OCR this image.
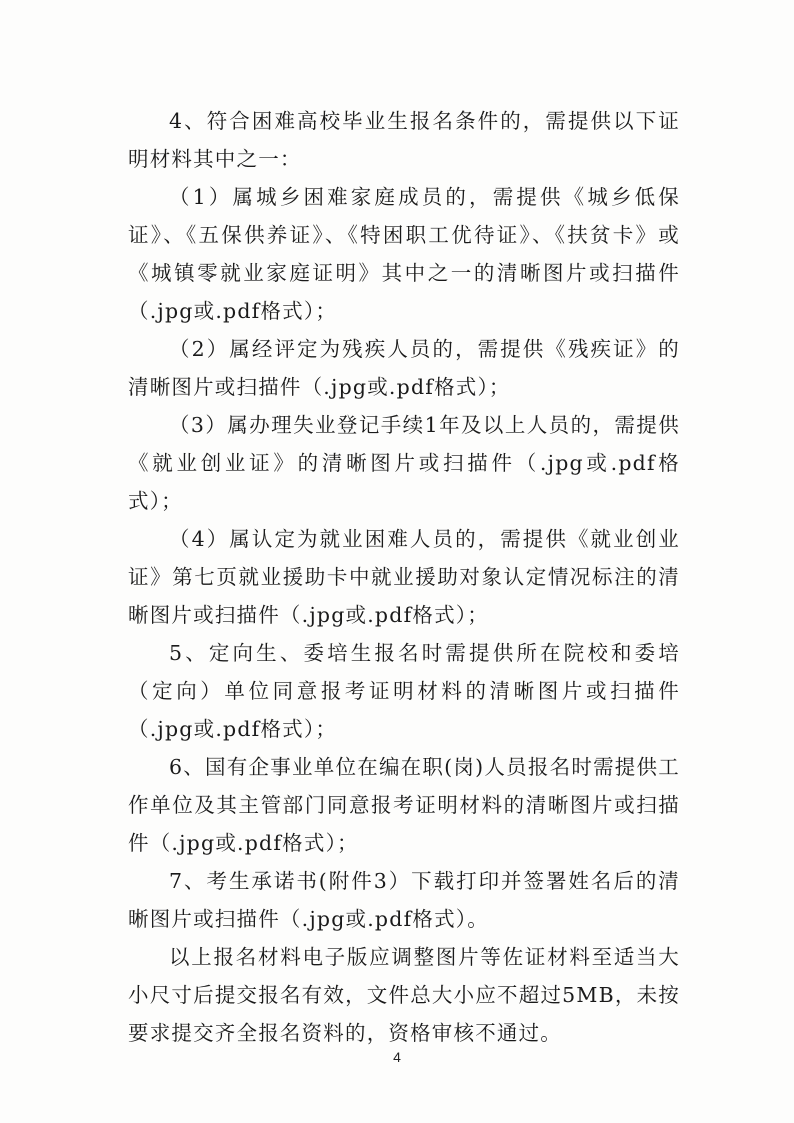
4、符合困难高校毕业生报名条件的，需提供以下证明材料其中之一：

（1）属城乡困难家庭成员的，需提供《城乡低保证》、《五保供养证》、《特困职工优待证》、《扶贫卡》或《城镇零就业家庭证明》其中之一的清晰图片或扫描件（.jpg或.pdf格式）；

（2）属经评定为残疾人员的，需提供《残疾证》的清晰图片或扫描件（.jpg或.pdf格式）；

（3）属办理失业登记手续1年及以上人员的，需提供《就业创业证》的清晰图片或扫描件（.jpg或.pdf格式）；

（4）属认定为就业困难人员的，需提供《就业创业证》第七页就业援助卡中就业援助对象认定情况标注的清晰图片或扫描件（.jpg或.pdf格式）；

5、定向生、委培生报名时需提供所在院校和委培（定向）单位同意报考证明材料的清晰图片或扫描件（.jpg或.pdf格式）；

6、国有企事业单位在编在职(岗)人员报名时需提供工作单位及其主管部门同意报考证明材料的清晰图片或扫描件（.jpg或.pdf格式）；

7、考生承诺书(附件3）下载打印并签署姓名后的清晰图片或扫描件（.jpg或.pdf格式）。

以上报名材料电子版应调整图片等佐证材料至适当大小尺寸后提交报名有效，文件总大小应不超过5MB，未按要求提交齐全报名资料的，资格审核不通过。

4
